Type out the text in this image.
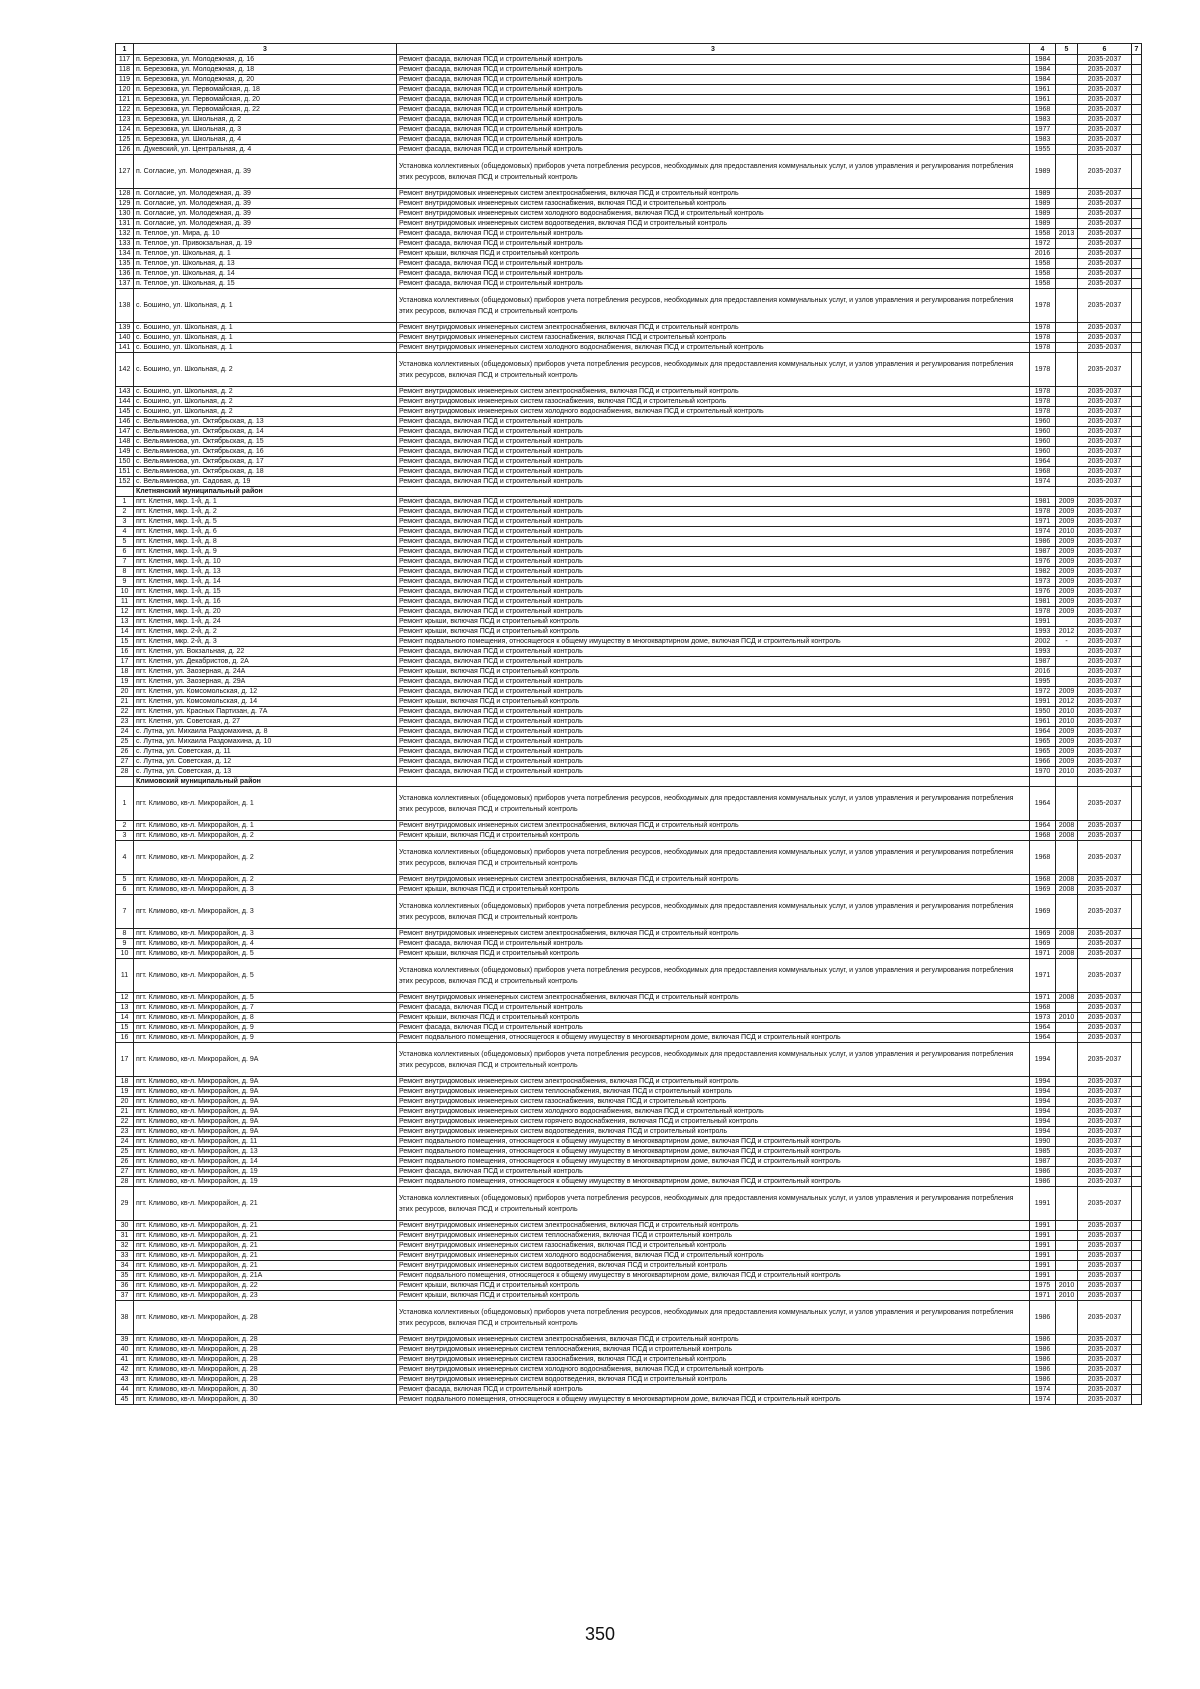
1	3	3	4	5	6	7
117	п. Березовка, ул. Молодежная, д. 16	Ремонт фасада, включая ПСД и строительный контроль	1984		2035-2037	
118	п. Березовка, ул. Молодежная, д. 18	Ремонт фасада, включая ПСД и строительный контроль	1984		2035-2037	
119	п. Березовка, ул. Молодежная, д. 20	Ремонт фасада, включая ПСД и строительный контроль	1984		2035-2037	
120	п. Березовка, ул. Первомайская, д. 18	Ремонт фасада, включая ПСД и строительный контроль	1961		2035-2037	
121	п. Березовка, ул. Первомайская, д. 20	Ремонт фасада, включая ПСД и строительный контроль	1961		2035-2037	
122	п. Березовка, ул. Первомайская, д. 22	Ремонт фасада, включая ПСД и строительный контроль	1968		2035-2037	
123	п. Березовка, ул. Школьная, д. 2	Ремонт фасада, включая ПСД и строительный контроль	1983		2035-2037	
124	п. Березовка, ул. Школьная, д. 3	Ремонт фасада, включая ПСД и строительный контроль	1977		2035-2037	
125	п. Березовка, ул. Школьная, д. 4	Ремонт фасада, включая ПСД и строительный контроль	1983		2035-2037	
126	п. Дукевский, ул. Центральная, д. 4	Ремонт фасада, включая ПСД и строительный контроль	1955		2035-2037	
127	п. Согласие, ул. Молодежная, д. 39	Установка коллективных (общедомовых) приборов учета потребления ресурсов, необходимых для предоставления коммунальных услуг, и узлов управления и регулирования потребления этих ресурсов, включая ПСД и строительный контроль	1989		2035-2037	
128	п. Согласие, ул. Молодежная, д. 39	Ремонт внутридомовых инженерных систем электроснабжения, включая ПСД и строительный контроль	1989		2035-2037	
129	п. Согласие, ул. Молодежная, д. 39	Ремонт внутридомовых инженерных систем газоснабжения, включая ПСД и строительный контроль	1989		2035-2037	
130	п. Согласие, ул. Молодежная, д. 39	Ремонт внутридомовых инженерных систем холодного водоснабжения, включая ПСД и строительный контроль	1989		2035-2037	
131	п. Согласие, ул. Молодежная, д. 39	Ремонт внутридомовых инженерных систем водоотведения, включая ПСД и строительный контроль	1989		2035-2037	
132	п. Теплое, ул. Мира, д. 10	Ремонт фасада, включая ПСД и строительный контроль	1958	2013	2035-2037	
133	п. Теплое, ул. Привокзальная, д. 19	Ремонт фасада, включая ПСД и строительный контроль	1972		2035-2037	
134	п. Теплое, ул. Школьная, д. 1	Ремонт крыши, включая ПСД и строительный контроль	2016		2035-2037	
135	п. Теплое, ул. Школьная, д. 13	Ремонт фасада, включая ПСД и строительный контроль	1958		2035-2037	
136	п. Теплое, ул. Школьная, д. 14	Ремонт фасада, включая ПСД и строительный контроль	1958		2035-2037	
137	п. Теплое, ул. Школьная, д. 15	Ремонт фасада, включая ПСД и строительный контроль	1958		2035-2037	
138	с. Бошино, ул. Школьная, д. 1	Установка коллективных (общедомовых) приборов учета потребления ресурсов, необходимых для предоставления коммунальных услуг, и узлов управления и регулирования потребления этих ресурсов, включая ПСД и строительный контроль	1978		2035-2037	
139	с. Бошино, ул. Школьная, д. 1	Ремонт внутридомовых инженерных систем электроснабжения, включая ПСД и строительный контроль	1978		2035-2037	
140	с. Бошино, ул. Школьная, д. 1	Ремонт внутридомовых инженерных систем газоснабжения, включая ПСД и строительный контроль	1978		2035-2037	
141	с. Бошино, ул. Школьная, д. 1	Ремонт внутридомовых инженерных систем холодного водоснабжения, включая ПСД и строительный контроль	1978		2035-2037	
142	с. Бошино, ул. Школьная, д. 2	Установка коллективных (общедомовых) приборов учета потребления ресурсов, необходимых для предоставления коммунальных услуг, и узлов управления и регулирования потребления этих ресурсов, включая ПСД и строительный контроль	1978		2035-2037	
143	с. Бошино, ул. Школьная, д. 2	Ремонт внутридомовых инженерных систем электроснабжения, включая ПСД и строительный контроль	1978		2035-2037	
144	с. Бошино, ул. Школьная, д. 2	Ремонт внутридомовых инженерных систем газоснабжения, включая ПСД и строительный контроль	1978		2035-2037	
145	с. Бошино, ул. Школьная, д. 2	Ремонт внутридомовых инженерных систем холодного водоснабжения, включая ПСД и строительный контроль	1978		2035-2037	
146	с. Вельяминова, ул. Октябрьская, д. 13	Ремонт фасада, включая ПСД и строительный контроль	1960		2035-2037	
147	с. Вельяминова, ул. Октябрьская, д. 14	Ремонт фасада, включая ПСД и строительный контроль	1960		2035-2037	
148	с. Вельяминова, ул. Октябрьская, д. 15	Ремонт фасада, включая ПСД и строительный контроль	1960		2035-2037	
149	с. Вельяминова, ул. Октябрьская, д. 16	Ремонт фасада, включая ПСД и строительный контроль	1960		2035-2037	
150	с. Вельяминова, ул. Октябрьская, д. 17	Ремонт фасада, включая ПСД и строительный контроль	1964		2035-2037	
151	с. Вельяминова, ул. Октябрьская, д. 18	Ремонт фасада, включая ПСД и строительный контроль	1968		2035-2037	
152	с. Вельяминова, ул. Садовая, д. 19	Ремонт фасада, включая ПСД и строительный контроль	1974		2035-2037	
	Клетнянский муниципальный район					
1	пгт. Клетня, мкр. 1-й, д. 1	Ремонт фасада, включая ПСД и строительный контроль	1981	2009	2035-2037	
2	пгт. Клетня, мкр. 1-й, д. 2	Ремонт фасада, включая ПСД и строительный контроль	1978	2009	2035-2037	
3	пгт. Клетня, мкр. 1-й, д. 5	Ремонт фасада, включая ПСД и строительный контроль	1971	2009	2035-2037	
4	пгт. Клетня, мкр. 1-й, д. 6	Ремонт фасада, включая ПСД и строительный контроль	1974	2010	2035-2037	
5	пгт. Клетня, мкр. 1-й, д. 8	Ремонт фасада, включая ПСД и строительный контроль	1986	2009	2035-2037	
6	пгт. Клетня, мкр. 1-й, д. 9	Ремонт фасада, включая ПСД и строительный контроль	1987	2009	2035-2037	
7	пгт. Клетня, мкр. 1-й, д. 10	Ремонт фасада, включая ПСД и строительный контроль	1976	2009	2035-2037	
8	пгт. Клетня, мкр. 1-й, д. 13	Ремонт фасада, включая ПСД и строительный контроль	1982	2009	2035-2037	
9	пгт. Клетня, мкр. 1-й, д. 14	Ремонт фасада, включая ПСД и строительный контроль	1973	2009	2035-2037	
10	пгт. Клетня, мкр. 1-й, д. 15	Ремонт фасада, включая ПСД и строительный контроль	1976	2009	2035-2037	
11	пгт. Клетня, мкр. 1-й, д. 16	Ремонт фасада, включая ПСД и строительный контроль	1981	2009	2035-2037	
12	пгт. Клетня, мкр. 1-й, д. 20	Ремонт фасада, включая ПСД и строительный контроль	1978	2009	2035-2037	
13	пгт. Клетня, мкр. 1-й, д. 24	Ремонт крыши, включая ПСД и строительный контроль	1991		2035-2037	
14	пгт. Клетня, мкр. 2-й, д. 2	Ремонт крыши, включая ПСД и строительный контроль	1993	2012	2035-2037	
15	пгт. Клетня, мкр. 2-й, д. 3	Ремонт подвального помещения, относящегося к общему имуществу в многоквартирном доме, включая ПСД и строительный контроль	2002	-	2035-2037	
16	пгт. Клетня, ул. Вокзальная, д. 22	Ремонт фасада, включая ПСД и строительный контроль	1993		2035-2037	
17	пгт. Клетня, ул. Декабристов, д. 2А	Ремонт фасада, включая ПСД и строительный контроль	1987		2035-2037	
18	пгт. Клетня, ул. Заозерная, д. 24А	Ремонт крыши, включая ПСД и строительный контроль	2016		2035-2037	
19	пгт. Клетня, ул. Заозерная, д. 29А	Ремонт фасада, включая ПСД и строительный контроль	1995		2035-2037	
20	пгт. Клетня, ул. Комсомольская, д. 12	Ремонт фасада, включая ПСД и строительный контроль	1972	2009	2035-2037	
21	пгт. Клетня, ул. Комсомольская, д. 14	Ремонт крыши, включая ПСД и строительный контроль	1991	2012	2035-2037	
22	пгт. Клетня, ул. Красных Партизан, д. 7А	Ремонт фасада, включая ПСД и строительный контроль	1950	2010	2035-2037	
23	пгт. Клетня, ул. Советская, д. 27	Ремонт фасада, включая ПСД и строительный контроль	1961	2010	2035-2037	
24	с. Лутна, ул. Михаила Раздомахина, д. 8	Ремонт фасада, включая ПСД и строительный контроль	1964	2009	2035-2037	
25	с. Лутна, ул. Михаила Раздомахина, д. 10	Ремонт фасада, включая ПСД и строительный контроль	1965	2009	2035-2037	
26	с. Лутна, ул. Советская, д. 11	Ремонт фасада, включая ПСД и строительный контроль	1965	2009	2035-2037	
27	с. Лутна, ул. Советская, д. 12	Ремонт фасада, включая ПСД и строительный контроль	1966	2009	2035-2037	
28	с. Лутна, ул. Советская, д. 13	Ремонт фасада, включая ПСД и строительный контроль	1970	2010	2035-2037	
	Климовский муниципальный район					
1	пгт. Климово, кв-л. Микрорайон, д. 1	Установка коллективных (общедомовых) приборов учета потребления ресурсов, необходимых для предоставления коммунальных услуг, и узлов управления и регулирования потребления этих ресурсов, включая ПСД и строительный контроль	1964		2035-2037	
2	пгт. Климово, кв-л. Микрорайон, д. 1	Ремонт внутридомовых инженерных систем электроснабжения, включая ПСД и строительный контроль	1964	2008	2035-2037	
3	пгт. Климово, кв-л. Микрорайон, д. 2	Ремонт крыши, включая ПСД и строительный контроль	1968	2008	2035-2037	
4	пгт. Климово, кв-л. Микрорайон, д. 2	Установка коллективных (общедомовых) приборов учета потребления ресурсов, необходимых для предоставления коммунальных услуг, и узлов управления и регулирования потребления этих ресурсов, включая ПСД и строительный контроль	1968		2035-2037	
5	пгт. Климово, кв-л. Микрорайон, д. 2	Ремонт внутридомовых инженерных систем электроснабжения, включая ПСД и строительный контроль	1968	2008	2035-2037	
6	пгт. Климово, кв-л. Микрорайон, д. 3	Ремонт крыши, включая ПСД и строительный контроль	1969	2008	2035-2037	
7	пгт. Климово, кв-л. Микрорайон, д. 3	Установка коллективных (общедомовых) приборов учета потребления ресурсов, необходимых для предоставления коммунальных услуг, и узлов управления и регулирования потребления этих ресурсов, включая ПСД и строительный контроль	1969		2035-2037	
8	пгт. Климово, кв-л. Микрорайон, д. 3	Ремонт внутридомовых инженерных систем электроснабжения, включая ПСД и строительный контроль	1969	2008	2035-2037	
9	пгт. Климово, кв-л. Микрорайон, д. 4	Ремонт фасада, включая ПСД и строительный контроль	1969		2035-2037	
10	пгт. Климово, кв-л. Микрорайон, д. 5	Ремонт крыши, включая ПСД и строительный контроль	1971	2008	2035-2037	
11	пгт. Климово, кв-л. Микрорайон, д. 5	Установка коллективных (общедомовых) приборов учета потребления ресурсов, необходимых для предоставления коммунальных услуг, и узлов управления и регулирования потребления этих ресурсов, включая ПСД и строительный контроль	1971		2035-2037	
12	пгт. Климово, кв-л. Микрорайон, д. 5	Ремонт внутридомовых инженерных систем электроснабжения, включая ПСД и строительный контроль	1971	2008	2035-2037	
13	пгт. Климово, кв-л. Микрорайон, д. 7	Ремонт фасада, включая ПСД и строительный контроль	1968		2035-2037	
14	пгт. Климово, кв-л. Микрорайон, д. 8	Ремонт крыши, включая ПСД и строительный контроль	1973	2010	2035-2037	
15	пгт. Климово, кв-л. Микрорайон, д. 9	Ремонт фасада, включая ПСД и строительный контроль	1964		2035-2037	
16	пгт. Климово, кв-л. Микрорайон, д. 9	Ремонт подвального помещения, относящегося к общему имуществу в многоквартирном доме, включая ПСД и строительный контроль	1964		2035-2037	
17	пгт. Климово, кв-л. Микрорайон, д. 9А	Установка коллективных (общедомовых) приборов учета потребления ресурсов, необходимых для предоставления коммунальных услуг, и узлов управления и регулирования потребления этих ресурсов, включая ПСД и строительный контроль	1994		2035-2037	
18	пгт. Климово, кв-л. Микрорайон, д. 9А	Ремонт внутридомовых инженерных систем электроснабжения, включая ПСД и строительный контроль	1994		2035-2037	
19	пгт. Климово, кв-л. Микрорайон, д. 9А	Ремонт внутридомовых инженерных систем теплоснабжения, включая ПСД и строительный контроль	1994		2035-2037	
20	пгт. Климово, кв-л. Микрорайон, д. 9А	Ремонт внутридомовых инженерных систем газоснабжения, включая ПСД и строительный контроль	1994		2035-2037	
21	пгт. Климово, кв-л. Микрорайон, д. 9А	Ремонт внутридомовых инженерных систем холодного водоснабжения, включая ПСД и строительный контроль	1994		2035-2037	
22	пгт. Климово, кв-л. Микрорайон, д. 9А	Ремонт внутридомовых инженерных систем горячего водоснабжения, включая ПСД и строительный контроль	1994		2035-2037	
23	пгт. Климово, кв-л. Микрорайон, д. 9А	Ремонт внутридомовых инженерных систем водоотведения, включая ПСД и строительный контроль	1994		2035-2037	
24	пгт. Климово, кв-л. Микрорайон, д. 11	Ремонт подвального помещения, относящегося к общему имуществу в многоквартирном доме, включая ПСД и строительный контроль	1990		2035-2037	
25	пгт. Климово, кв-л. Микрорайон, д. 13	Ремонт подвального помещения, относящегося к общему имуществу в многоквартирном доме, включая ПСД и строительный контроль	1985		2035-2037	
26	пгт. Климово, кв-л. Микрорайон, д. 14	Ремонт подвального помещения, относящегося к общему имуществу в многоквартирном доме, включая ПСД и строительный контроль	1987		2035-2037	
27	пгт. Климово, кв-л. Микрорайон, д. 19	Ремонт фасада, включая ПСД и строительный контроль	1986		2035-2037	
28	пгт. Климово, кв-л. Микрорайон, д. 19	Ремонт подвального помещения, относящегося к общему имуществу в многоквартирном доме, включая ПСД и строительный контроль	1986		2035-2037	
29	пгт. Климово, кв-л. Микрорайон, д. 21	Установка коллективных (общедомовых) приборов учета потребления ресурсов, необходимых для предоставления коммунальных услуг, и узлов управления и регулирования потребления этих ресурсов, включая ПСД и строительный контроль	1991		2035-2037	
30	пгт. Климово, кв-л. Микрорайон, д. 21	Ремонт внутридомовых инженерных систем электроснабжения, включая ПСД и строительный контроль	1991		2035-2037	
31	пгт. Климово, кв-л. Микрорайон, д. 21	Ремонт внутридомовых инженерных систем теплоснабжения, включая ПСД и строительный контроль	1991		2035-2037	
32	пгт. Климово, кв-л. Микрорайон, д. 21	Ремонт внутридомовых инженерных систем газоснабжения, включая ПСД и строительный контроль	1991		2035-2037	
33	пгт. Климово, кв-л. Микрорайон, д. 21	Ремонт внутридомовых инженерных систем холодного водоснабжения, включая ПСД и строительный контроль	1991		2035-2037	
34	пгт. Климово, кв-л. Микрорайон, д. 21	Ремонт внутридомовых инженерных систем водоотведения, включая ПСД и строительный контроль	1991		2035-2037	
35	пгт. Климово, кв-л. Микрорайон, д. 21А	Ремонт подвального помещения, относящегося к общему имуществу в многоквартирном доме, включая ПСД и строительный контроль	1991		2035-2037	
36	пгт. Климово, кв-л. Микрорайон, д. 22	Ремонт крыши, включая ПСД и строительный контроль	1975	2010	2035-2037	
37	пгт. Климово, кв-л. Микрорайон, д. 23	Ремонт крыши, включая ПСД и строительный контроль	1971	2010	2035-2037	
38	пгт. Климово, кв-л. Микрорайон, д. 28	Установка коллективных (общедомовых) приборов учета потребления ресурсов, необходимых для предоставления коммунальных услуг, и узлов управления и регулирования потребления этих ресурсов, включая ПСД и строительный контроль	1986		2035-2037	
39	пгт. Климово, кв-л. Микрорайон, д. 28	Ремонт внутридомовых инженерных систем электроснабжения, включая ПСД и строительный контроль	1986		2035-2037	
40	пгт. Климово, кв-л. Микрорайон, д. 28	Ремонт внутридомовых инженерных систем теплоснабжения, включая ПСД и строительный контроль	1986		2035-2037	
41	пгт. Климово, кв-л. Микрорайон, д. 28	Ремонт внутридомовых инженерных систем газоснабжения, включая ПСД и строительный контроль	1986		2035-2037	
42	пгт. Климово, кв-л. Микрорайон, д. 28	Ремонт внутридомовых инженерных систем холодного водоснабжения, включая ПСД и строительный контроль	1986		2035-2037	
43	пгт. Климово, кв-л. Микрорайон, д. 28	Ремонт внутридомовых инженерных систем водоотведения, включая ПСД и строительный контроль	1986		2035-2037	
44	пгт. Климово, кв-л. Микрорайон, д. 30	Ремонт фасада, включая ПСД и строительный контроль	1974		2035-2037	
45	пгт. Климово, кв-л. Микрорайон, д. 30	Ремонт подвального помещения, относящегося к общему имуществу в многоквартирном доме, включая ПСД и строительный контроль	1974		2035-2037	
350
